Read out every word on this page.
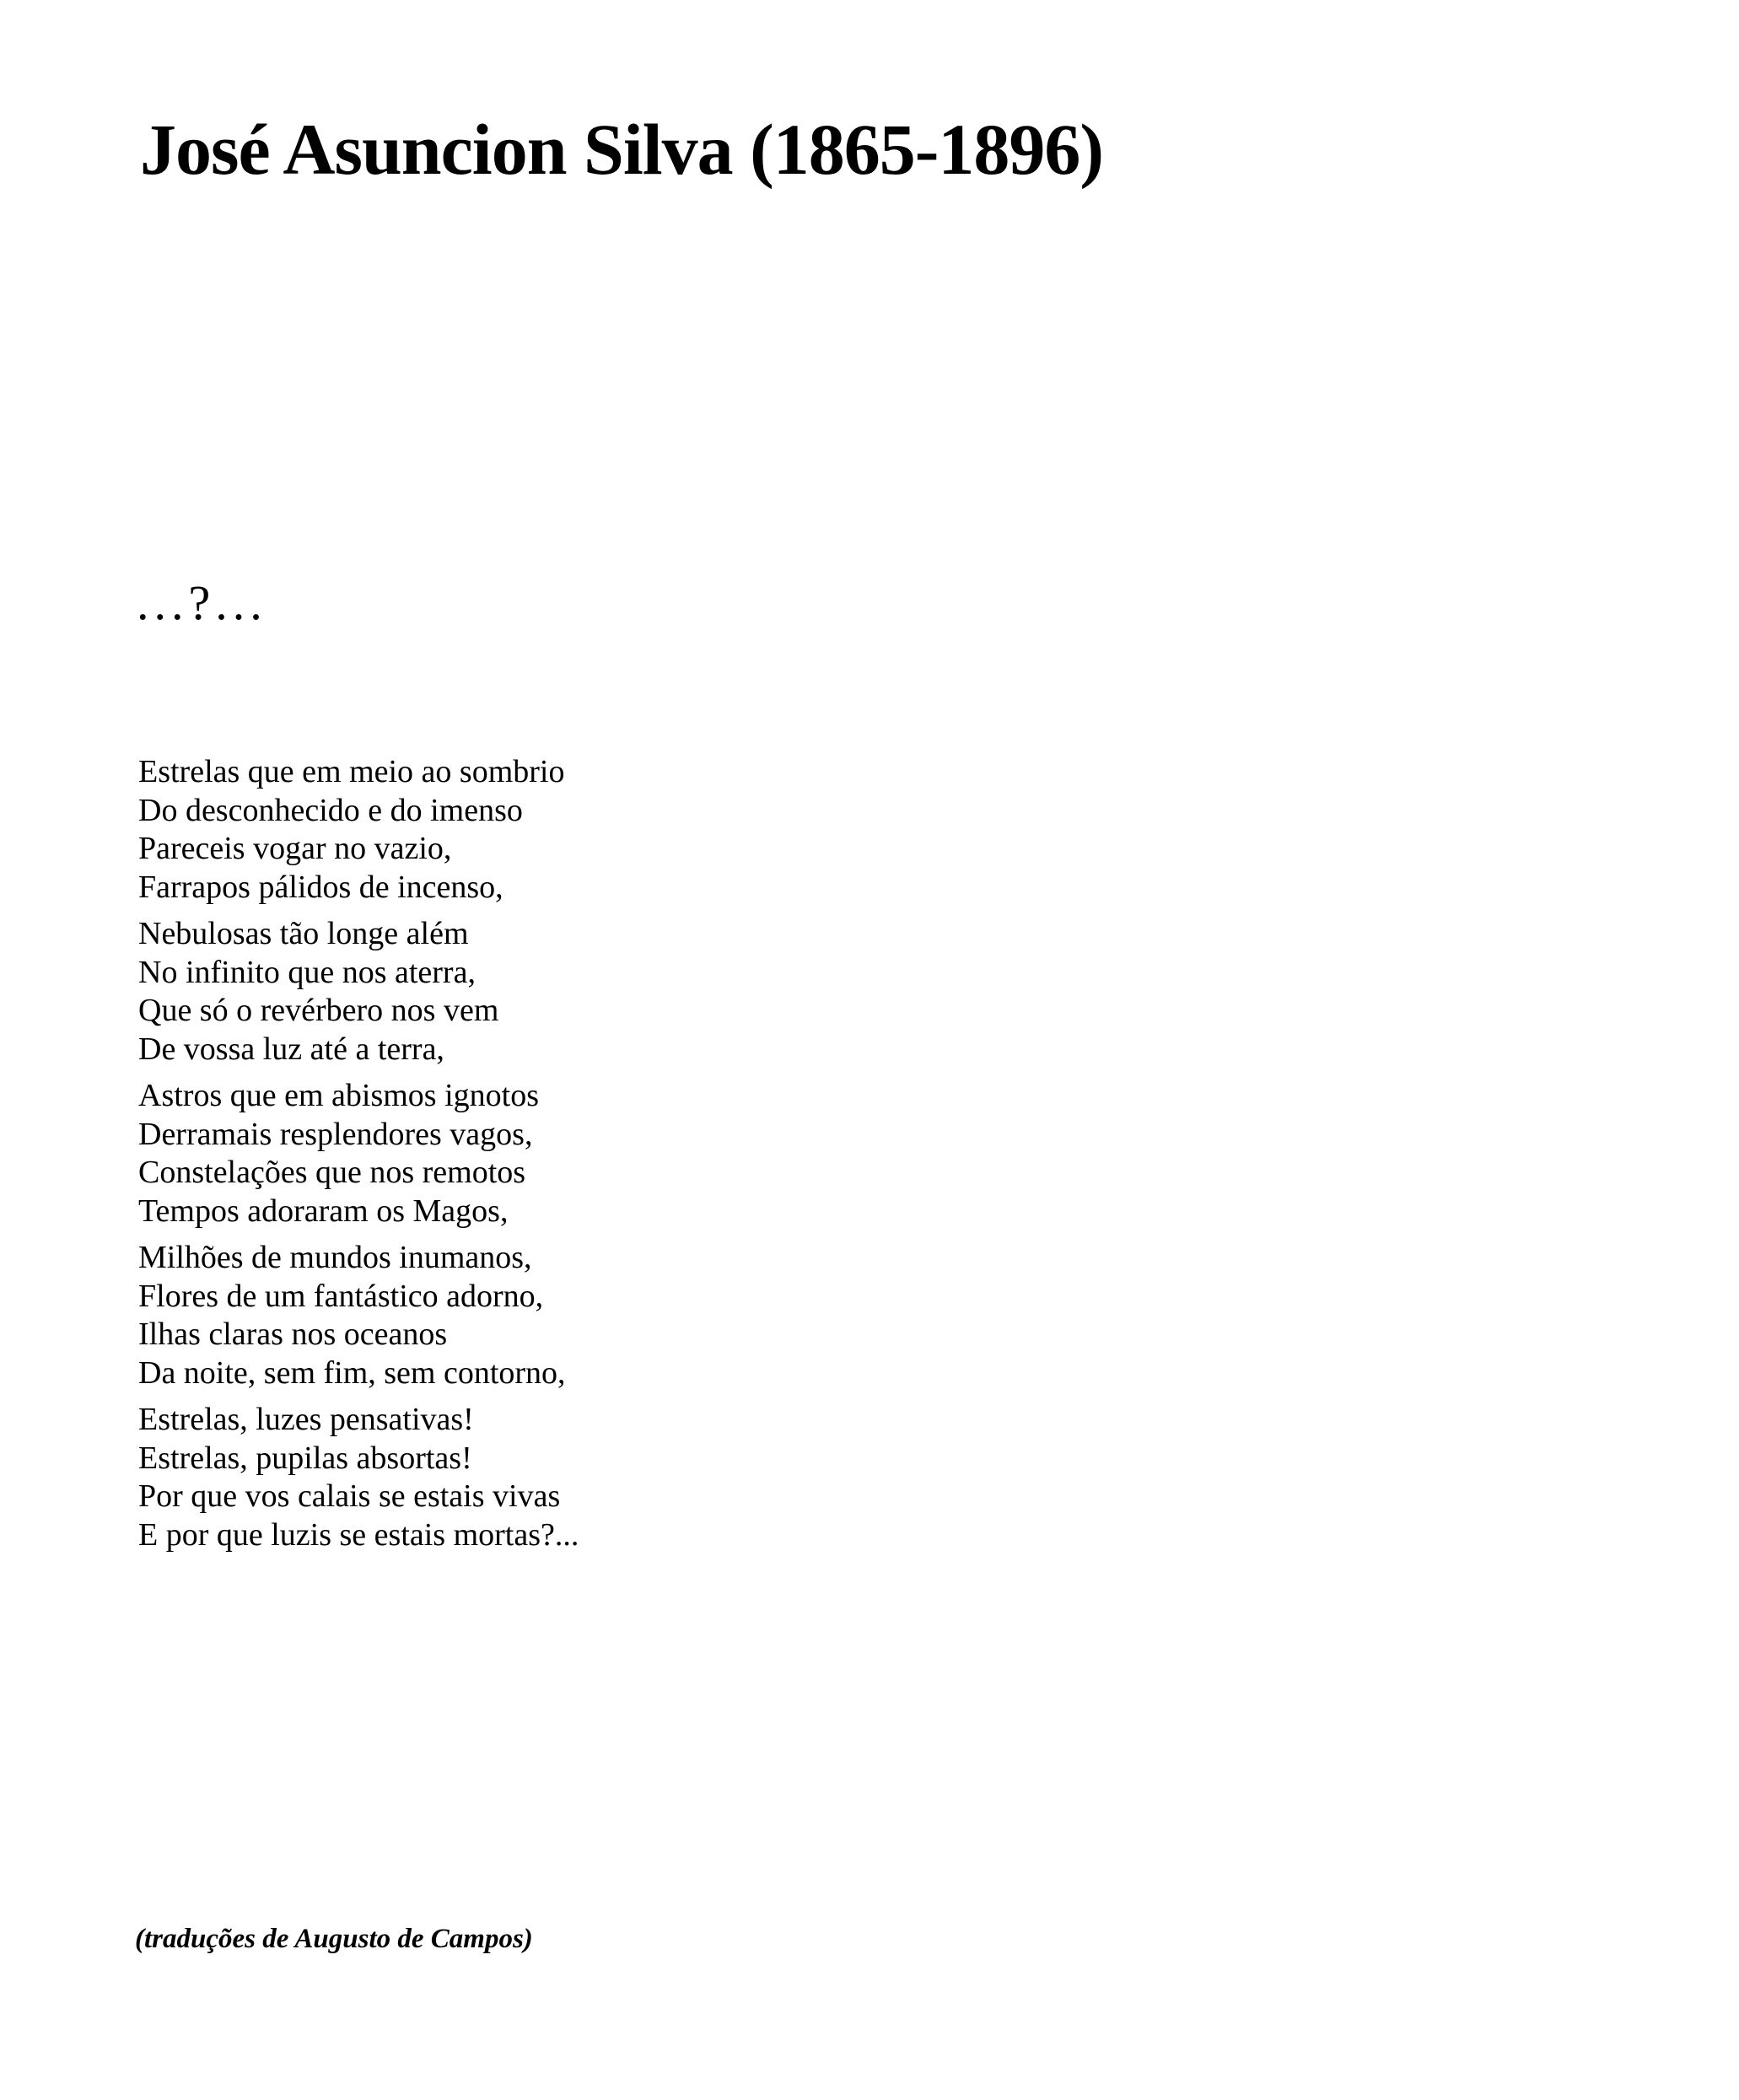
José Asuncion Silva (1865-1896)
...?...
Estrelas que em meio ao sombrio
Do desconhecido e do imenso
Pareceis vogar no vazio,
Farrapos pálidos de incenso,
Nebulosas tão longe além
No infinito que nos aterra,
Que só o revérbero nos vem
De vossa luz até a terra,
Astros que em abismos ignotos
Derramais resplendores vagos,
Constelações que nos remotos
Tempos adoraram os Magos,
Milhões de mundos inumanos,
Flores de um fantástico adorno,
Ilhas claras nos oceanos
Da noite, sem fim, sem contorno,
Estrelas, luzes pensativas!
Estrelas, pupilas absortas!
Por que vos calais se estais vivas
E por que luzis se estais mortas?...

(traduções de Augusto de Campos)
